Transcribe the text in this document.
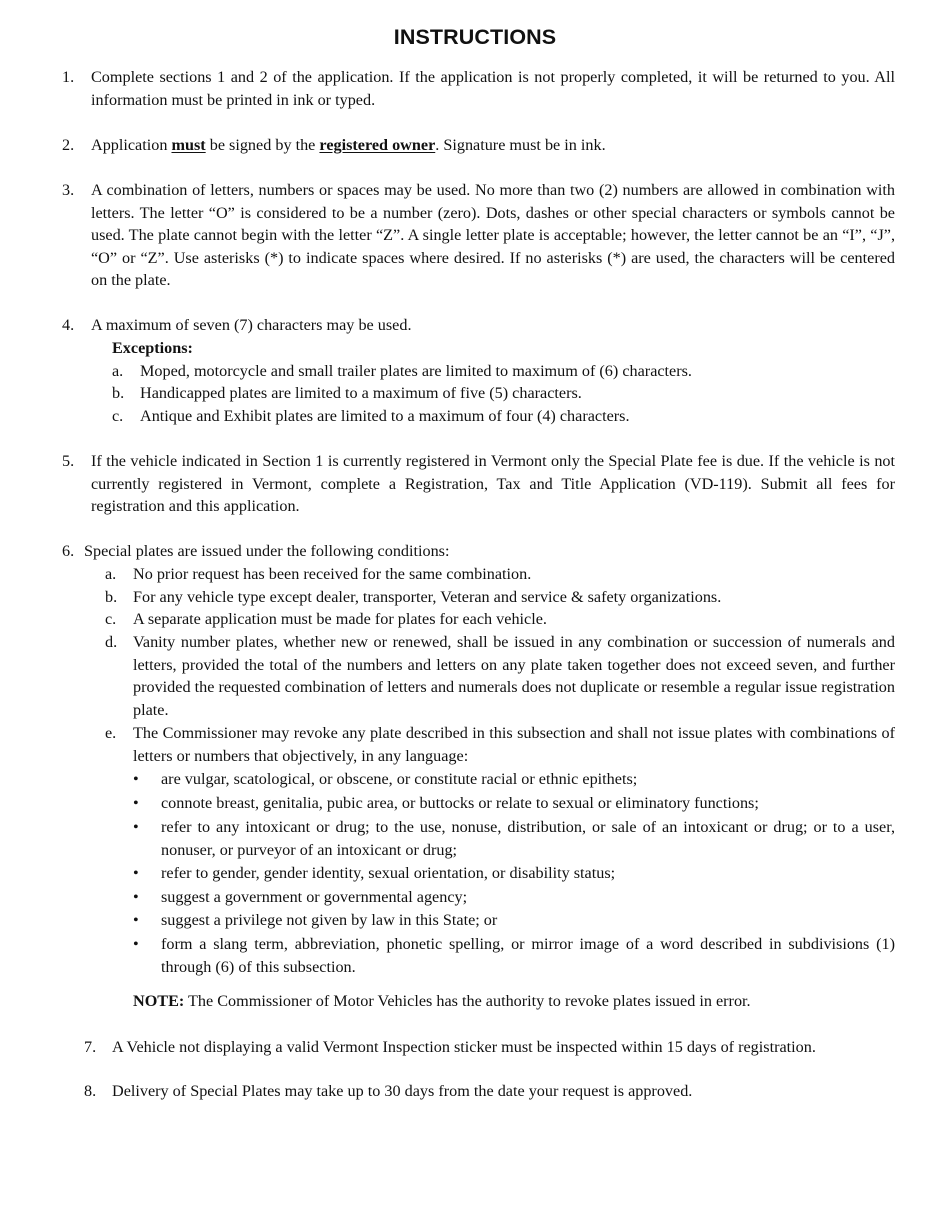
INSTRUCTIONS
1. Complete sections 1 and 2 of the application. If the application is not properly completed, it will be returned to you. All information must be printed in ink or typed.
2. Application must be signed by the registered owner. Signature must be in ink.
3. A combination of letters, numbers or spaces may be used. No more than two (2) numbers are allowed in combination with letters. The letter “O” is considered to be a number (zero). Dots, dashes or other special characters or symbols cannot be used. The plate cannot begin with the letter “Z”. A single letter plate is acceptable; however, the letter cannot be an “I”, “J”, “O” or “Z”. Use asterisks (*) to indicate spaces where desired. If no asterisks (*) are used, the characters will be centered on the plate.
4. A maximum of seven (7) characters may be used.
Exceptions:
a. Moped, motorcycle and small trailer plates are limited to maximum of (6) characters.
b. Handicapped plates are limited to a maximum of five (5) characters.
c. Antique and Exhibit plates are limited to a maximum of four (4) characters.
5. If the vehicle indicated in Section 1 is currently registered in Vermont only the Special Plate fee is due. If the vehicle is not currently registered in Vermont, complete a Registration, Tax and Title Application (VD-119). Submit all fees for registration and this application.
6. Special plates are issued under the following conditions:
a. No prior request has been received for the same combination.
b. For any vehicle type except dealer, transporter, Veteran and service & safety organizations.
c. A separate application must be made for plates for each vehicle.
d. Vanity number plates, whether new or renewed, shall be issued in any combination or succession of numerals and letters, provided the total of the numbers and letters on any plate taken together does not exceed seven, and further provided the requested combination of letters and numerals does not duplicate or resemble a regular issue registration plate.
e. The Commissioner may revoke any plate described in this subsection and shall not issue plates with combinations of letters or numbers that objectively, in any language:
• are vulgar, scatological, or obscene, or constitute racial or ethnic epithets;
• connote breast, genitalia, pubic area, or buttocks or relate to sexual or eliminatory functions;
• refer to any intoxicant or drug; to the use, nonuse, distribution, or sale of an intoxicant or drug; or to a user, nonuser, or purveyor of an intoxicant or drug;
• refer to gender, gender identity, sexual orientation, or disability status;
• suggest a government or governmental agency;
• suggest a privilege not given by law in this State; or
• form a slang term, abbreviation, phonetic spelling, or mirror image of a word described in subdivisions (1) through (6) of this subsection.
NOTE: The Commissioner of Motor Vehicles has the authority to revoke plates issued in error.
7. A Vehicle not displaying a valid Vermont Inspection sticker must be inspected within 15 days of registration.
8. Delivery of Special Plates may take up to 30 days from the date your request is approved.
